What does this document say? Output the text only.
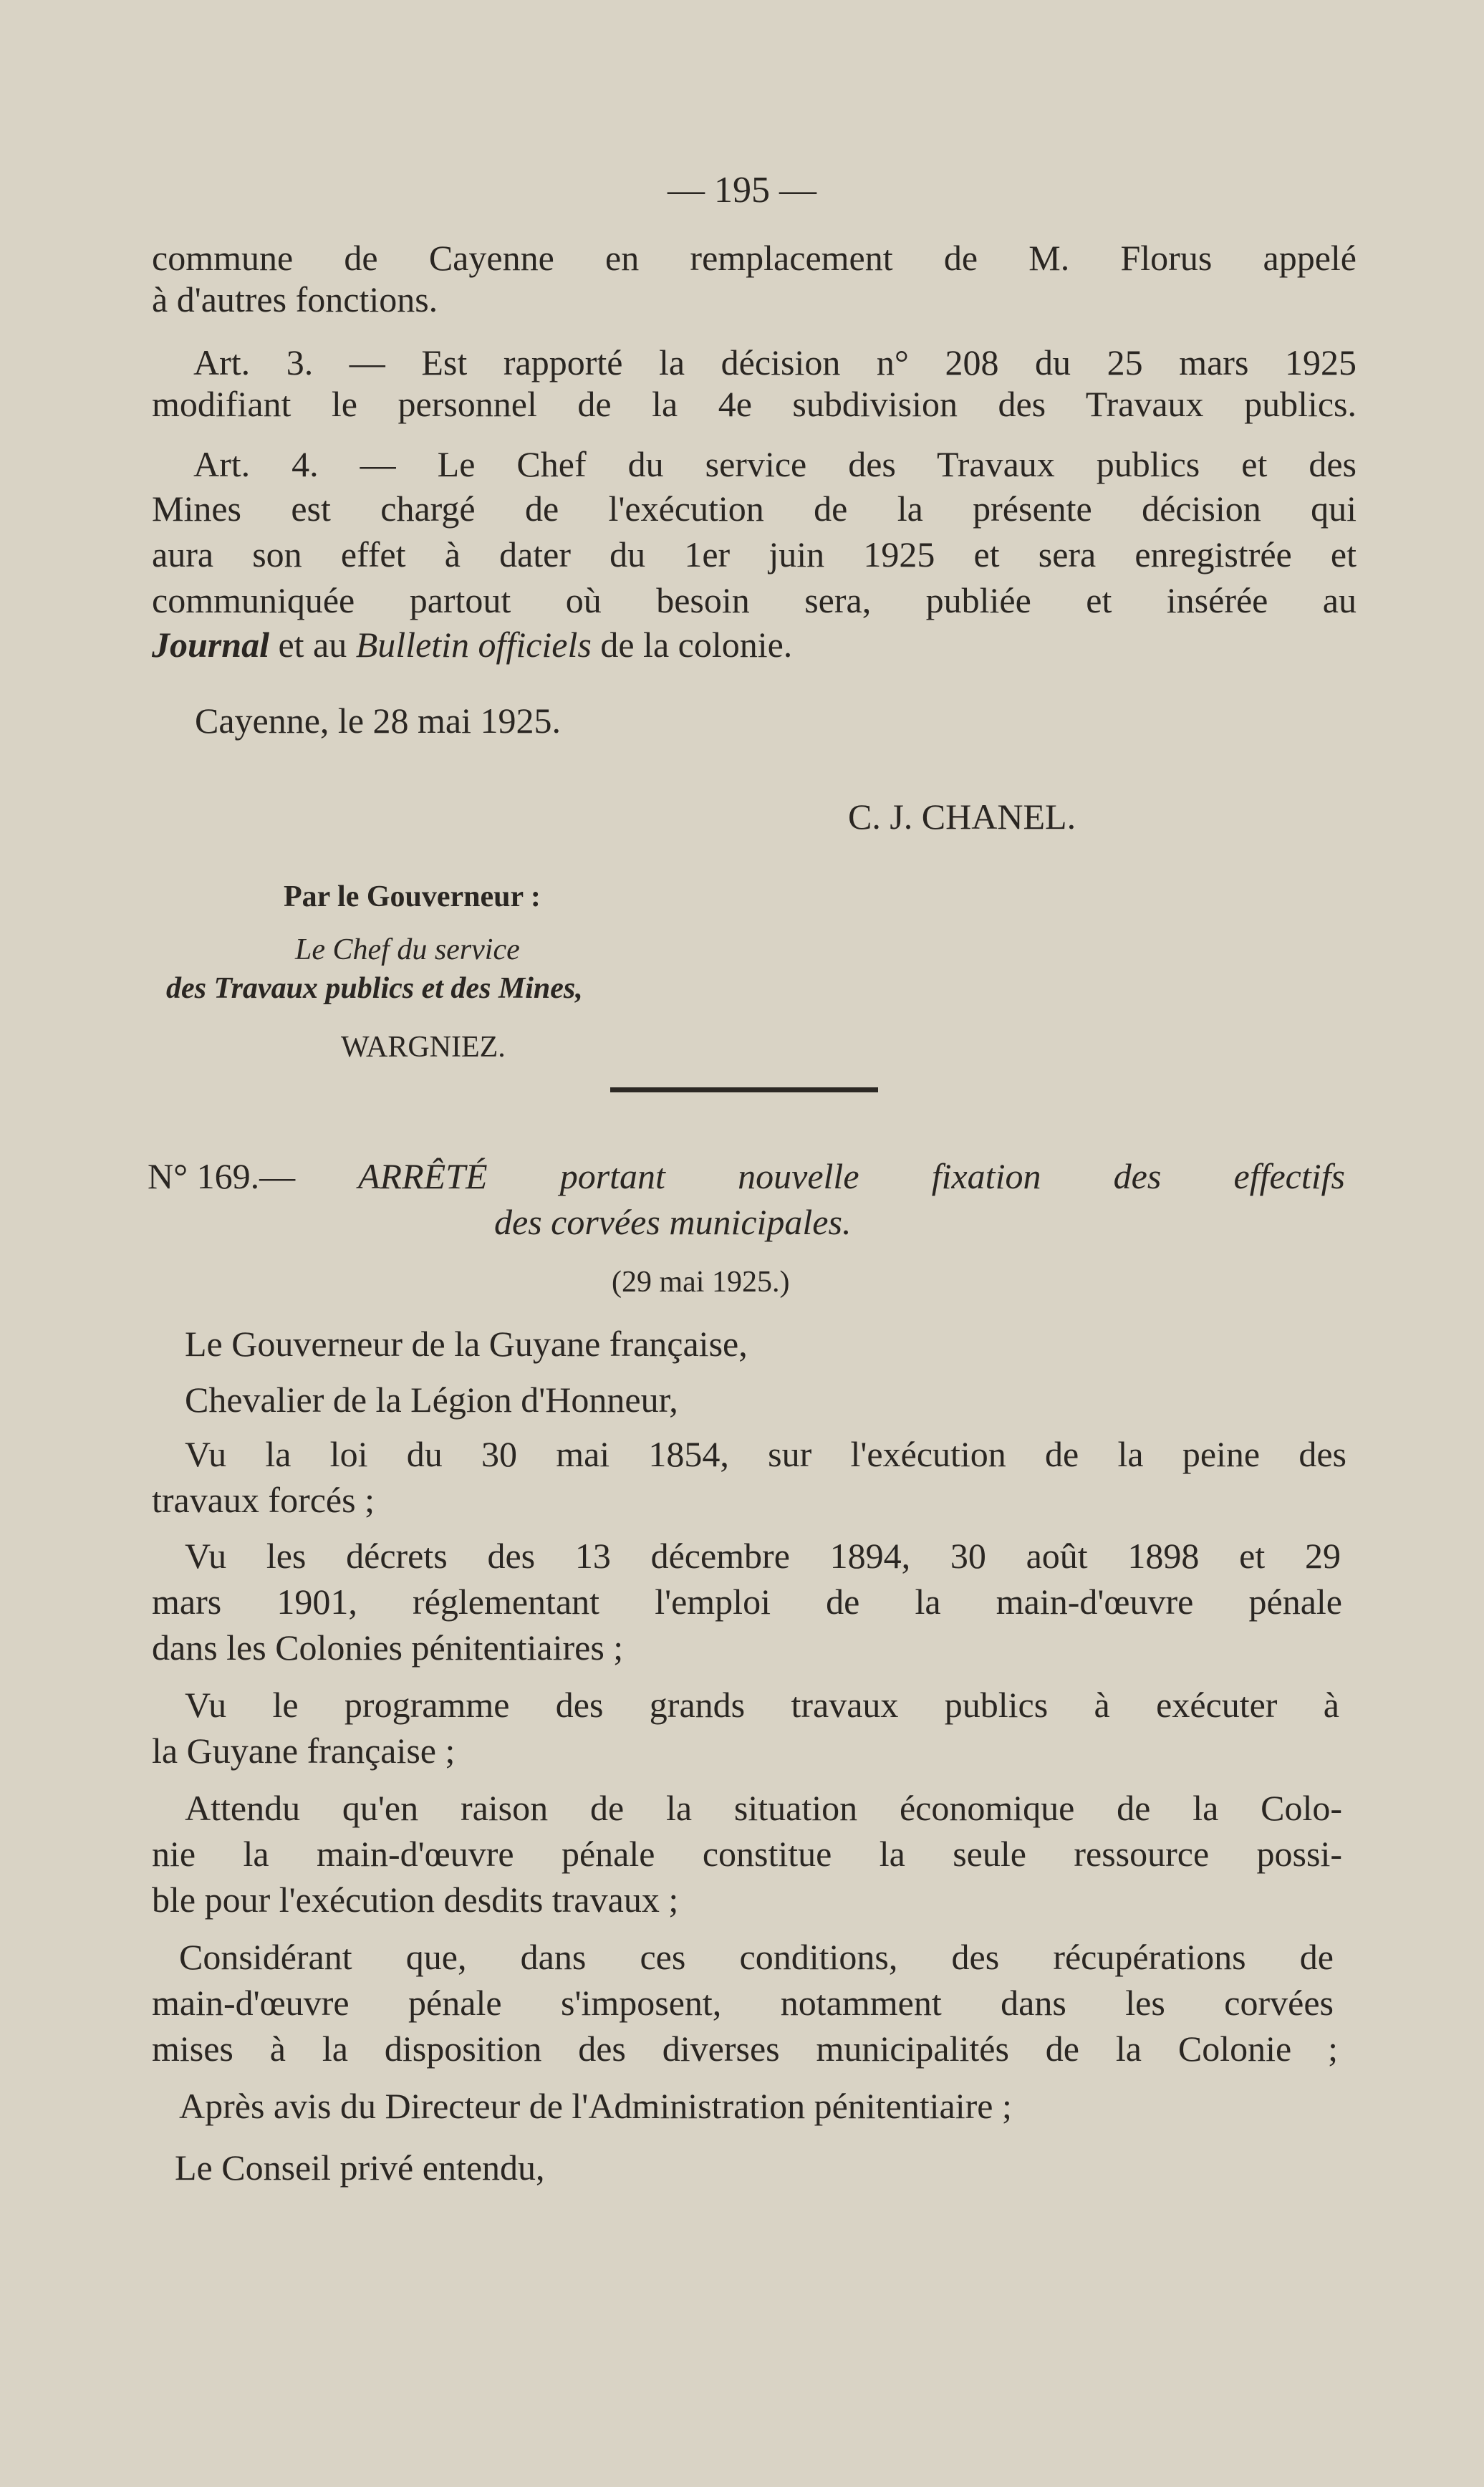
— 195 —
commune de Cayenne en remplacement de M. Florus appelé
à d'autres fonctions.
Art. 3. — Est rapporté la décision n° 208 du 25 mars 1925
modifiant le personnel de la 4e subdivision des Travaux publics.
Art. 4. — Le Chef du service des Travaux publics et des
Mines est chargé de l'exécution de la présente décision qui
aura son effet à dater du 1er juin 1925 et sera enregistrée et
communiquée partout où besoin sera, publiée et insérée au
Journal et au Bulletin officiels de la colonie.
Cayenne, le 28 mai 1925.
C. J. CHANEL.
Par le Gouverneur :
Le Chef du service
des Travaux publics et des Mines,
WARGNIEZ.
N° 169.— ARRÊTÉ portant nouvelle fixation des effectifs
des corvées municipales.
(29 mai 1925.)
Le Gouverneur de la Guyane française,
Chevalier de la Légion d'Honneur,
Vu la loi du 30 mai 1854, sur l'exécution de la peine des
travaux forcés ;
Vu les décrets des 13 décembre 1894, 30 août 1898 et 29
mars 1901, réglementant l'emploi de la main-d'œuvre pénale
dans les Colonies pénitentiaires ;
Vu le programme des grands travaux publics à exécuter à
la Guyane française ;
Attendu qu'en raison de la situation économique de la Colo-
nie la main-d'œuvre pénale constitue la seule ressource possi-
ble pour l'exécution desdits travaux ;
Considérant que, dans ces conditions, des récupérations de
main-d'œuvre pénale s'imposent, notamment dans les corvées
mises à la disposition des diverses municipalités de la Colonie ;
Après avis du Directeur de l'Administration pénitentiaire ;
Le Conseil privé entendu,
